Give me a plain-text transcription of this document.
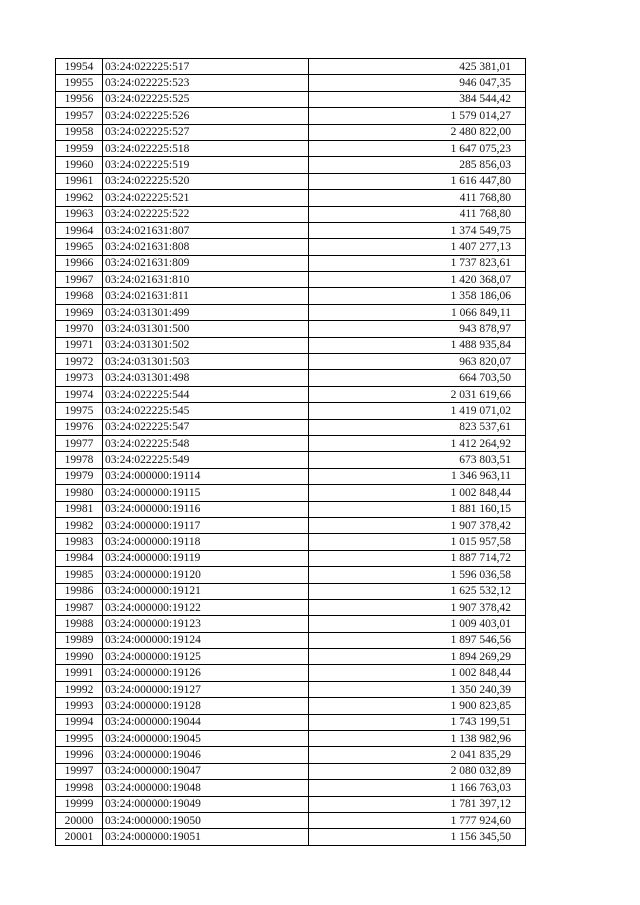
19954	03:24:022225:517	425 381,01
19955	03:24:022225:523	946 047,35
19956	03:24:022225:525	384 544,42
19957	03:24:022225:526	1 579 014,27
19958	03:24:022225:527	2 480 822,00
19959	03:24:022225:518	1 647 075,23
19960	03:24:022225:519	285 856,03
19961	03:24:022225:520	1 616 447,80
19962	03:24:022225:521	411 768,80
19963	03:24:022225:522	411 768,80
19964	03:24:021631:807	1 374 549,75
19965	03:24:021631:808	1 407 277,13
19966	03:24:021631:809	1 737 823,61
19967	03:24:021631:810	1 420 368,07
19968	03:24:021631:811	1 358 186,06
19969	03:24:031301:499	1 066 849,11
19970	03:24:031301:500	943 878,97
19971	03:24:031301:502	1 488 935,84
19972	03:24:031301:503	963 820,07
19973	03:24:031301:498	664 703,50
19974	03:24:022225:544	2 031 619,66
19975	03:24:022225:545	1 419 071,02
19976	03:24:022225:547	823 537,61
19977	03:24:022225:548	1 412 264,92
19978	03:24:022225:549	673 803,51
19979	03:24:000000:19114	1 346 963,11
19980	03:24:000000:19115	1 002 848,44
19981	03:24:000000:19116	1 881 160,15
19982	03:24:000000:19117	1 907 378,42
19983	03:24:000000:19118	1 015 957,58
19984	03:24:000000:19119	1 887 714,72
19985	03:24:000000:19120	1 596 036,58
19986	03:24:000000:19121	1 625 532,12
19987	03:24:000000:19122	1 907 378,42
19988	03:24:000000:19123	1 009 403,01
19989	03:24:000000:19124	1 897 546,56
19990	03:24:000000:19125	1 894 269,29
19991	03:24:000000:19126	1 002 848,44
19992	03:24:000000:19127	1 350 240,39
19993	03:24:000000:19128	1 900 823,85
19994	03:24:000000:19044	1 743 199,51
19995	03:24:000000:19045	1 138 982,96
19996	03:24:000000:19046	2 041 835,29
19997	03:24:000000:19047	2 080 032,89
19998	03:24:000000:19048	1 166 763,03
19999	03:24:000000:19049	1 781 397,12
20000	03:24:000000:19050	1 777 924,60
20001	03:24:000000:19051	1 156 345,50
